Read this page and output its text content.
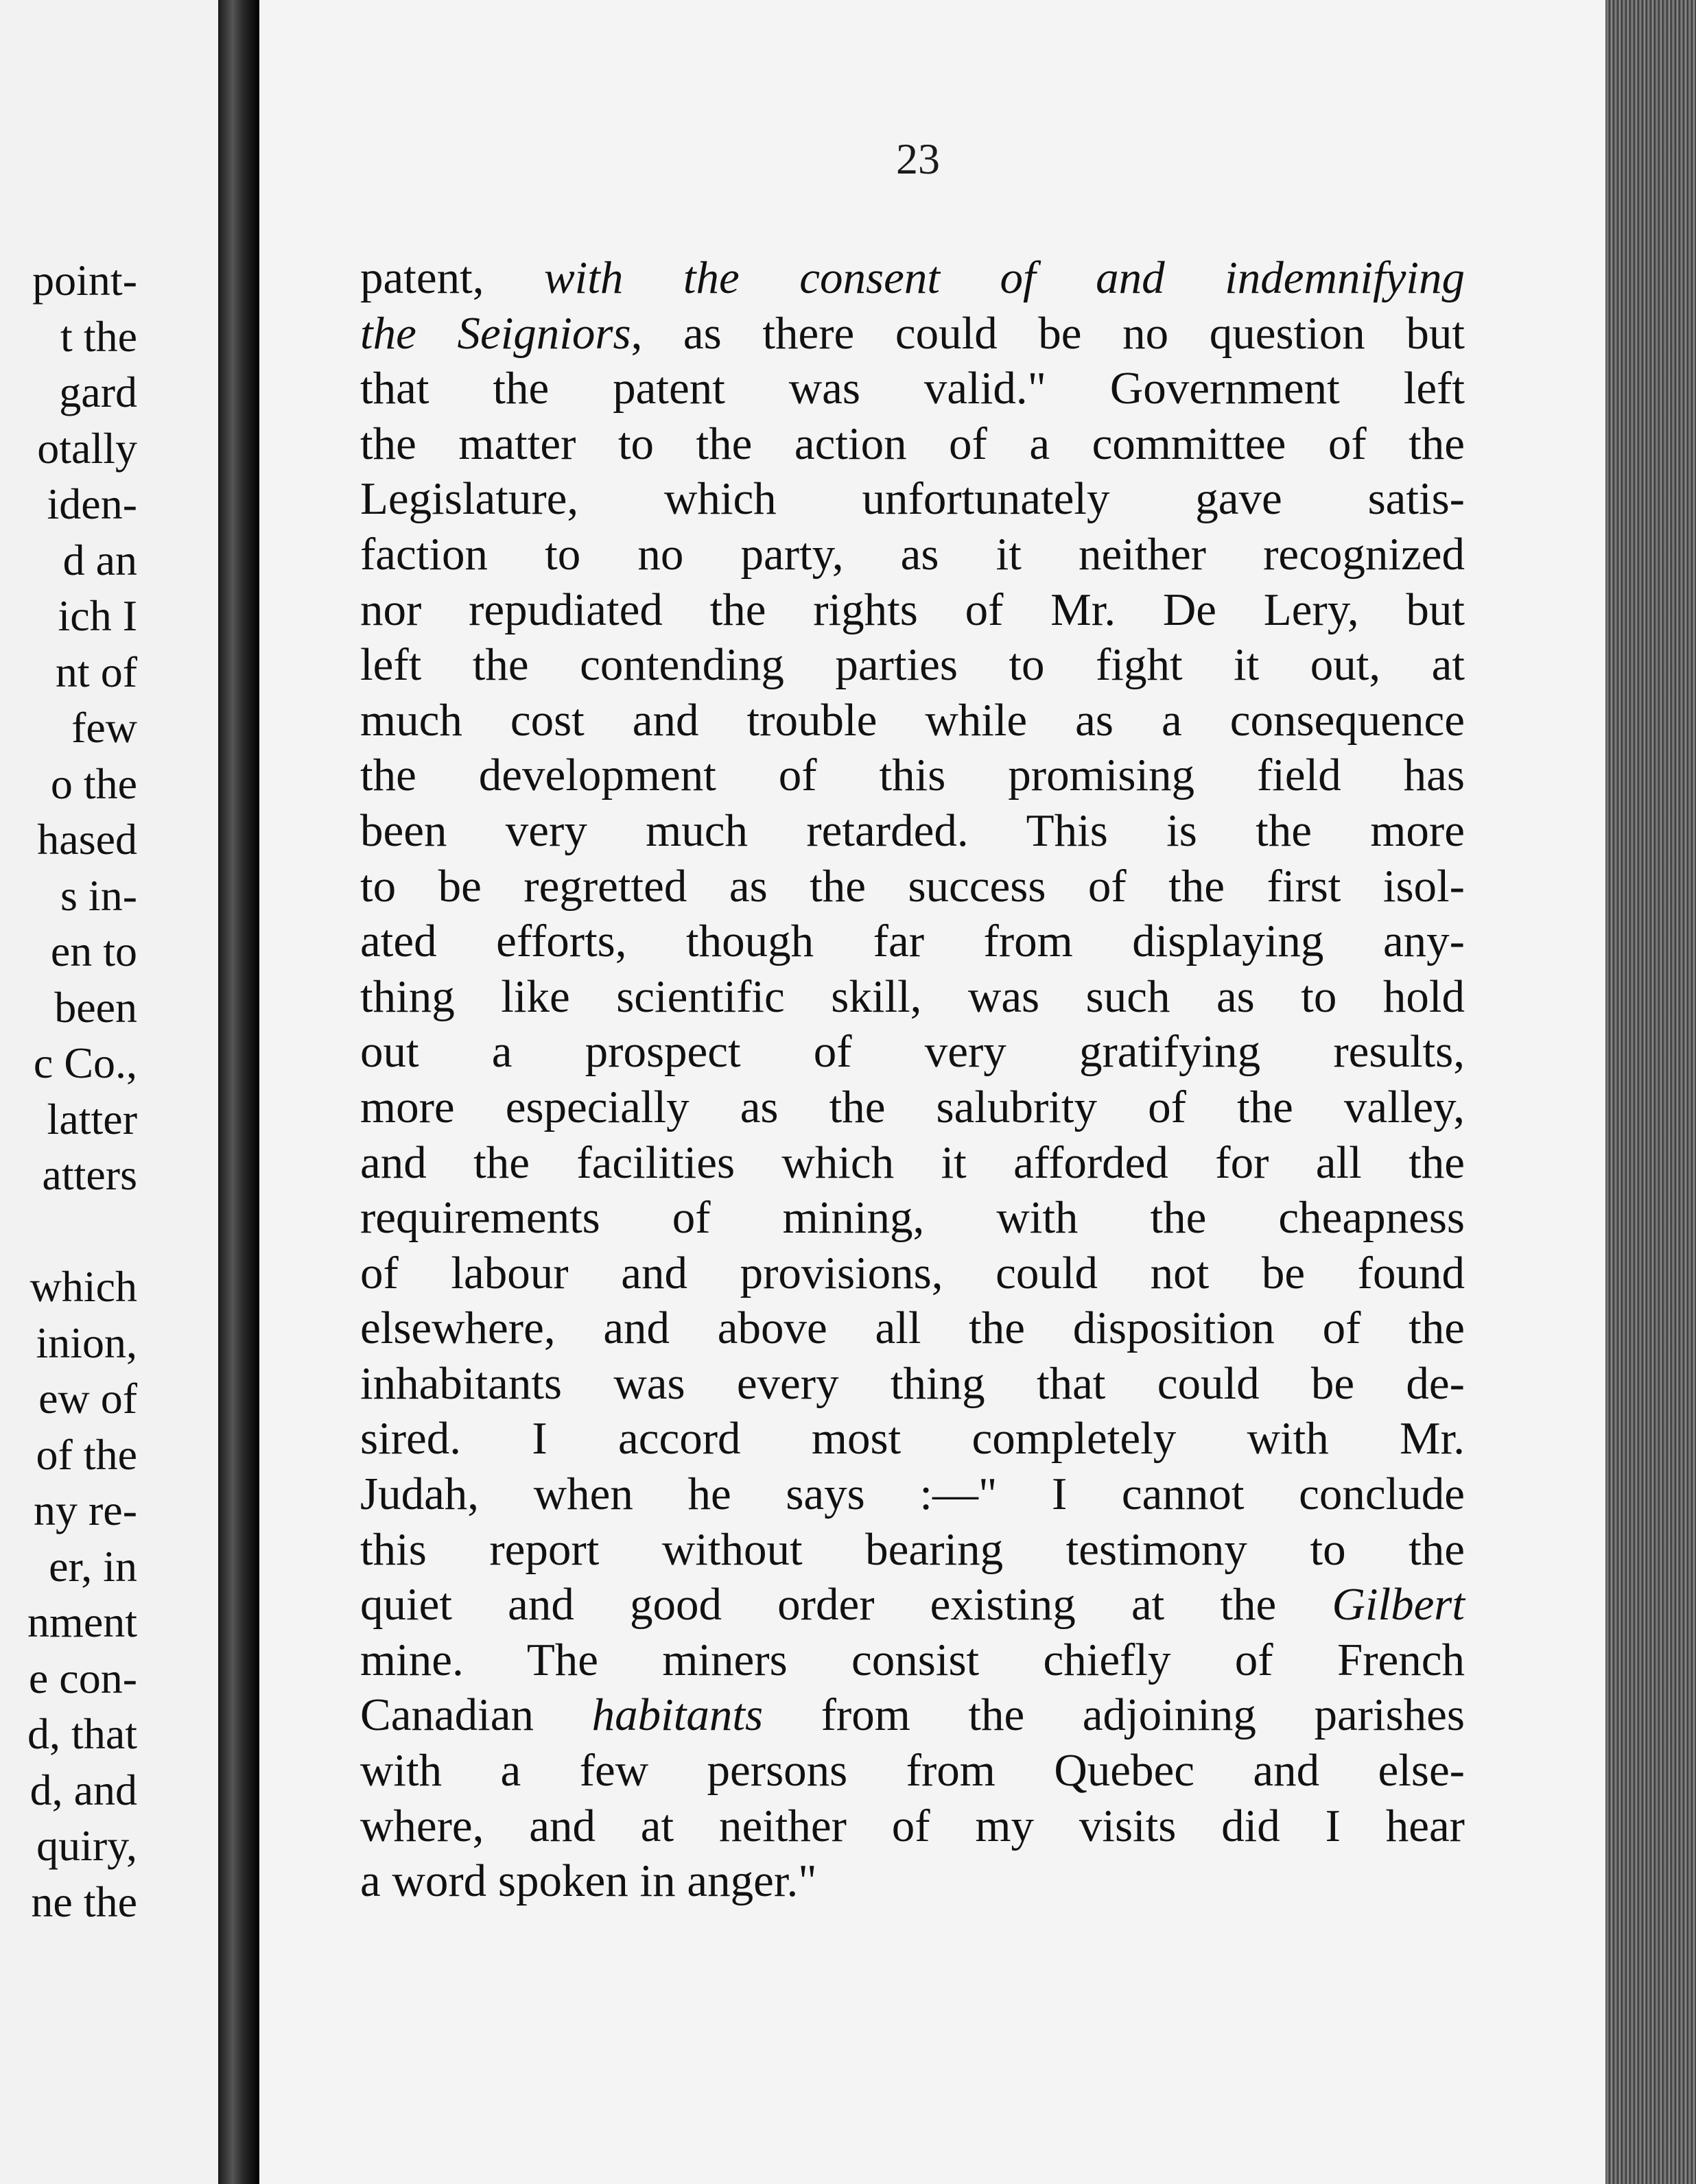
point-
t the
gard
otally
iden-
d an
ich I
nt of
few
o the
hased
s in-
en to
been
c Co.,
latter
atters
which
inion,
ew of
of the
ny re-
er, in
nment
e con-
d, that
d, and
quiry,
ne the
23
patent, with the consent of and indemnifying
the Seigniors, as there could be no question but
that the patent was valid." Government left
the matter to the action of a committee of the
Legislature, which unfortunately gave satis-
faction to no party, as it neither recognized
nor repudiated the rights of Mr. De Lery, but
left the contending parties to fight it out, at
much cost and trouble while as a consequence
the development of this promising field has
been very much retarded. This is the more
to be regretted as the success of the first isol-
ated efforts, though far from displaying any-
thing like scientific skill, was such as to hold
out a prospect of very gratifying results,
more especially as the salubrity of the valley,
and the facilities which it afforded for all the
requirements of mining, with the cheapness
of labour and provisions, could not be found
elsewhere, and above all the disposition of the
inhabitants was every thing that could be de-
sired. I accord most completely with Mr.
Judah, when he says :—" I cannot conclude
this report without bearing testimony to the
quiet and good order existing at the Gilbert
mine. The miners consist chiefly of French
Canadian habitants from the adjoining parishes
with a few persons from Quebec and else-
where, and at neither of my visits did I hear
a word spoken in anger."
